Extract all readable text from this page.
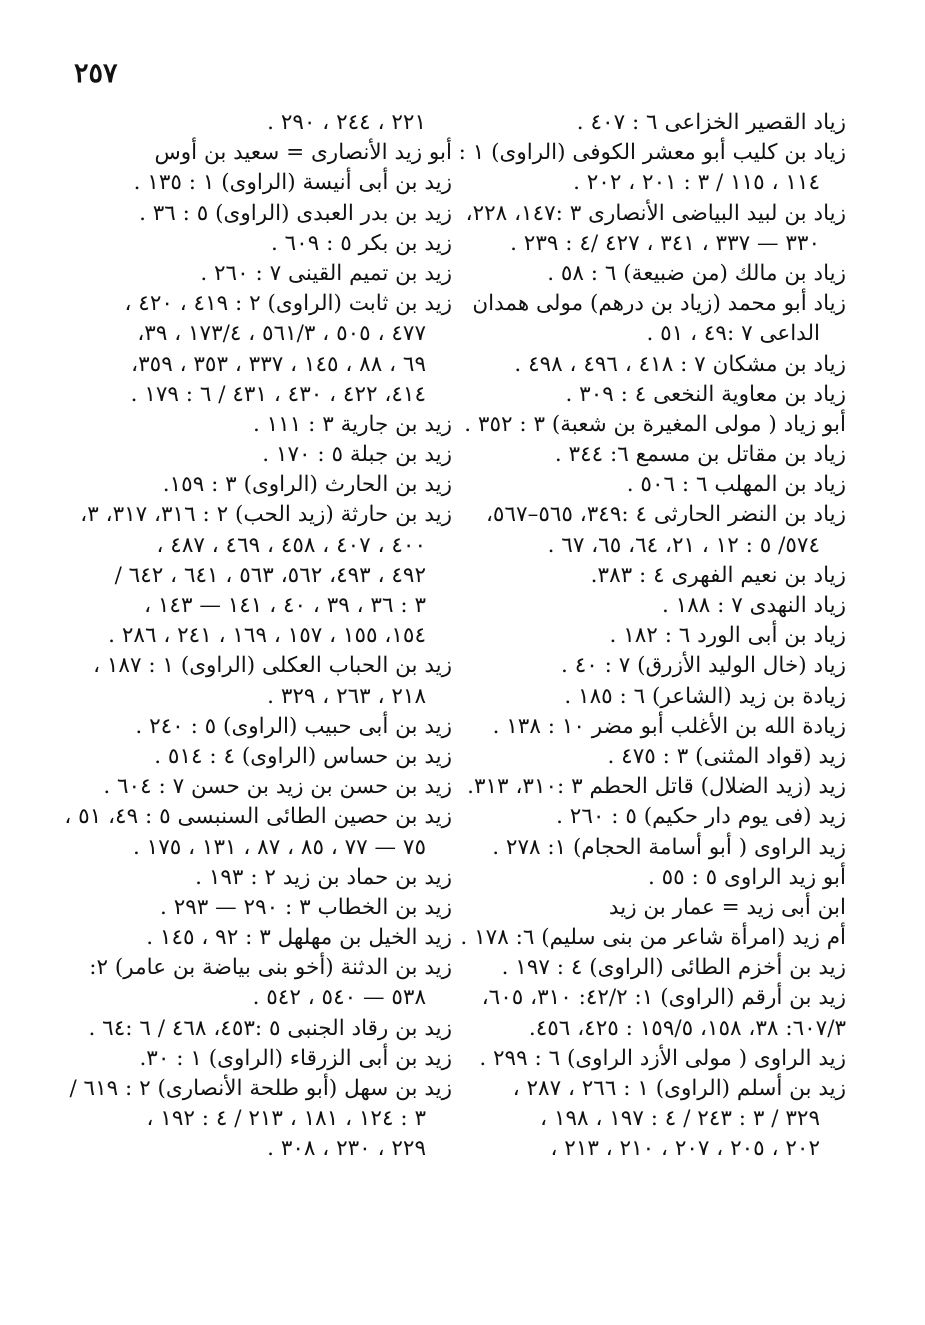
٢٥٧
زياد القصير الخزاعى ٦ : ٤٠٧ .
زياد بن كليب أبو معشر الكوفى (الراوى) ١ :
١١٤ ، ١١٥ / ٣ : ٢٠١ ، ٢٠٢ .
زياد بن لبيد البياضى الأنصارى ٣ :١٤٧، ٢٢٨،
٣٣٠ — ٣٣٧ ، ٣٤١ ، ٤٢٧ /٤ : ٢٣٩ .
زياد بن مالك (من ضبيعة) ٦ : ٥٨ .
زياد أبو محمد (زياد بن درهم) مولى همدان
الداعى ٧ :٤٩ ، ٥١ .
زياد بن مشكان ٧ : ٤١٨ ، ٤٩٦ ، ٤٩٨ .
زياد بن معاوية النخعى ٤ : ٣٠٩ .
أبو زياد ( مولى المغيرة بن شعبة) ٣ : ٣٥٢ .
زياد بن مقاتل بن مسمع ٦: ٣٤٤ .
زياد بن المهلب ٦ : ٥٠٦ .
زياد بن النضر الحارثى ٤ :٣٤٩، ٥٦٥–٥٦٧،
٥٧٤/ ٥ : ١٢ ، ٢١، ٦٤، ٦٥، ٦٧ .
زياد بن نعيم الفهرى ٤ : ٣٨٣.
زياد النهدى ٧ : ١٨٨ .
زياد بن أبى الورد ٦ : ١٨٢ .
زياد (خال الوليد الأزرق) ٧ : ٤٠ .
زيادة بن زيد (الشاعر) ٦ : ١٨٥ .
زيادة الله بن الأغلب أبو مضر ١٠ : ١٣٨ .
زيد (قواد المثنى) ٣ : ٤٧٥ .
زيد (زيد الضلال) قاتل الحطم ٣ :٣١٠، ٣١٣.
زيد (فى يوم دار حكيم) ٥ : ٢٦٠ .
زيد الراوى ( أبو أسامة الحجام) ١: ٢٧٨ .
أبو زيد الراوى ٥ : ٥٥ .
ابن أبى زيد = عمار بن زيد
أم زيد (امرأة شاعر من بنى سليم) ٦: ١٧٨ .
زيد بن أخزم الطائى (الراوى) ٤ : ١٩٧ .
زيد بن أرقم (الراوى) ١: ٤٢/٢: ٣١٠، ٦٠٥،
٦٠٧/٣: ٣٨، ١٥٨، ١٥٩/٥ : ٤٢٥، ٤٥٦.
زيد الراوى ( مولى الأزد الراوى) ٦ : ٢٩٩ .
زيد بن أسلم (الراوى) ١ : ٢٦٦ ، ٢٨٧ ،
٣٢٩ / ٣ : ٢٤٣ / ٤ : ١٩٧ ، ١٩٨ ،
٢٠٢ ، ٢٠٥ ، ٢٠٧ ، ٢١٠ ، ٢١٣ ،
٢٢١ ، ٢٤٤ ، ٢٩٠ .
أبو زيد الأنصارى = سعيد بن أوس
زيد بن أبى أنيسة (الراوى) ١ : ١٣٥ .
زيد بن بدر العبدى (الراوى) ٥ : ٣٦ .
زيد بن بكر ٥ : ٦٠٩ .
زيد بن تميم القينى ٧ : ٢٦٠ .
زيد بن ثابت (الراوى) ٢ : ٤١٩ ، ٤٢٠ ،
٤٧٧ ، ٥٠٥ ، ٥٦١/٣ ، ١٧٣/٤ ، ٣٩،
٦٩ ، ٨٨ ، ١٤٥ ، ٣٣٧ ، ٣٥٣ ، ٣٥٩،
٤١٤، ٤٢٢ ، ٤٣٠ ، ٤٣١ / ٦ : ١٧٩ .
زيد بن جارية ٣ : ١١١ .
زيد بن جبلة ٥ : ١٧٠ .
زيد بن الحارث (الراوى) ٣ : ١٥٩.
زيد بن حارثة (زيد الحب) ٢ : ٣١٦، ٣١٧، ٣،
٤٠٠ ، ٤٠٧ ، ٤٥٨ ، ٤٦٩ ، ٤٨٧ ،
٤٩٢ ، ٤٩٣، ٥٦٢، ٥٦٣ ، ٦٤١ ، ٦٤٢ /
٣ : ٣٦ ، ٣٩ ، ٤٠ ، ١٤١ — ١٤٣ ،
١٥٤، ١٥٥ ، ١٥٧ ، ١٦٩ ، ٢٤١ ، ٢٨٦ .
زيد بن الحباب العكلى (الراوى) ١ : ١٨٧ ،
٢١٨ ، ٢٦٣ ، ٣٢٩ .
زيد بن أبى حبيب (الراوى) ٥ : ٢٤٠ .
زيد بن حساس (الراوى) ٤ : ٥١٤ .
زيد بن حسن بن زيد بن حسن ٧ : ٦٠٤ .
زيد بن حصين الطائى السنبسى ٥ : ٤٩، ٥١ ،
٧٥ — ٧٧ ، ٨٥ ، ٨٧ ، ١٣١ ، ١٧٥ .
زيد بن حماد بن زيد ٢ : ١٩٣ .
زيد بن الخطاب ٣ : ٢٩٠ — ٢٩٣ .
زيد الخيل بن مهلهل ٣ : ٩٢ ، ١٤٥ .
زيد بن الدثنة (أخو بنى بياضة بن عامر) ٢:
٥٣٨ — ٥٤٠ ، ٥٤٢ .
زيد بن رقاد الجنبى ٥ :٤٥٣، ٤٦٨ / ٦ :٦٤ .
زيد بن أبى الزرقاء (الراوى) ١ : ٣٠.
زيد بن سهل (أبو طلحة الأنصارى) ٢ : ٦١٩ /
٣ : ١٢٤ ، ١٨١ ، ٢١٣ / ٤ : ١٩٢ ،
٢٢٩ ، ٢٣٠ ، ٣٠٨ .
